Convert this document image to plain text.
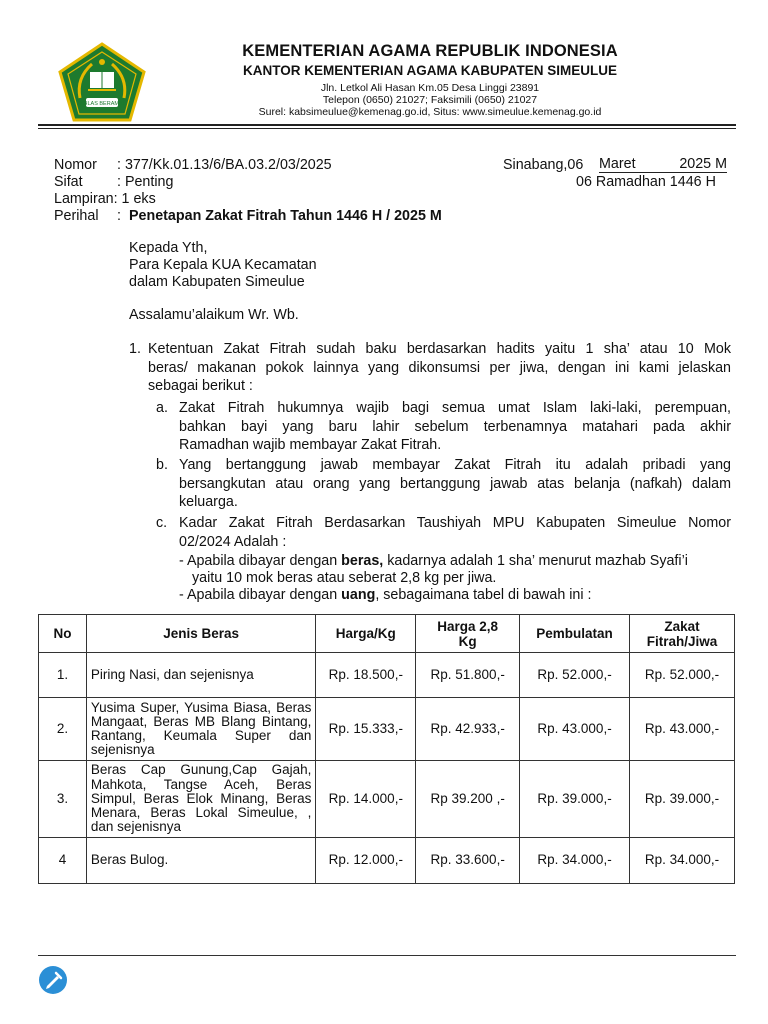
IKHLAS BERAMAL
KEMENTERIAN AGAMA REPUBLIK INDONESIA
KANTOR KEMENTERIAN AGAMA KABUPATEN SIMEULUE
Jln. Letkol Ali Hasan Km.05 Desa Linggi 23891
Telepon (0650) 21027; Faksimili (0650) 21027
Surel: kabsimeulue@kemenag.go.id, Situs: www.simeulue.kemenag.go.id
Nomor : 377/Kk.01.13/6/BA.03.2/03/2025
Sifat : Penting
Lampiran: 1 eks
Perihal : Penetapan Zakat Fitrah Tahun 1446 H / 2025 M
Sinabang,06 Maret	2025 M
06 Ramadhan 1446 H
Kepada Yth,
Para Kepala KUA Kecamatan
dalam Kabupaten Simeulue
Assalamu’alaikum Wr. Wb.
1. Ketentuan Zakat Fitrah sudah baku berdasarkan hadits yaitu 1 sha’ atau 10 Mok
beras/ makanan pokok lainnya yang dikonsumsi per jiwa, dengan ini kami jelaskan
sebagai berikut :
a. Zakat Fitrah hukumnya wajib bagi semua umat Islam laki-laki, perempuan,
bahkan bayi yang baru lahir sebelum terbenamnya matahari pada akhir
Ramadhan wajib membayar Zakat Fitrah.
b. Yang bertanggung jawab membayar Zakat Fitrah itu adalah pribadi yang
bersangkutan atau orang yang bertanggung jawab atas belanja (nafkah) dalam
keluarga.
c. Kadar Zakat Fitrah Berdasarkan Taushiyah MPU Kabupaten Simeulue Nomor
02/2024 Adalah :
- Apabila dibayar dengan beras, kadarnya adalah 1 sha’ menurut mazhab Syafi’i
yaitu 10 mok beras atau seberat 2,8 kg per jiwa.
- Apabila dibayar dengan uang, sebagaimana tabel di bawah ini :
No	Jenis Beras	Harga/Kg	Harga 2,8 Kg	Pembulatan	Zakat Fitrah/Jiwa
1.	Piring Nasi, dan sejenisnya	Rp. 18.500,-	Rp. 51.800,-	Rp. 52.000,-	Rp. 52.000,-
2.	Yusima Super, Yusima Biasa, Beras Mangaat, Beras MB Blang Bintang, Rantang, Keumala Super dan sejenisnya	Rp. 15.333,-	Rp. 42.933,-	Rp. 43.000,-	Rp. 43.000,-
3.	Beras Cap Gunung,Cap Gajah, Mahkota, Tangse Aceh, Beras Simpul, Beras Elok Minang, Beras Menara, Beras Lokal Simeulue, , dan sejenisnya	Rp. 14.000,-	Rp 39.200 ,-	Rp. 39.000,-	Rp. 39.000,-
4	Beras Bulog.	Rp. 12.000,-	Rp. 33.600,-	Rp. 34.000,-	Rp. 34.000,-
